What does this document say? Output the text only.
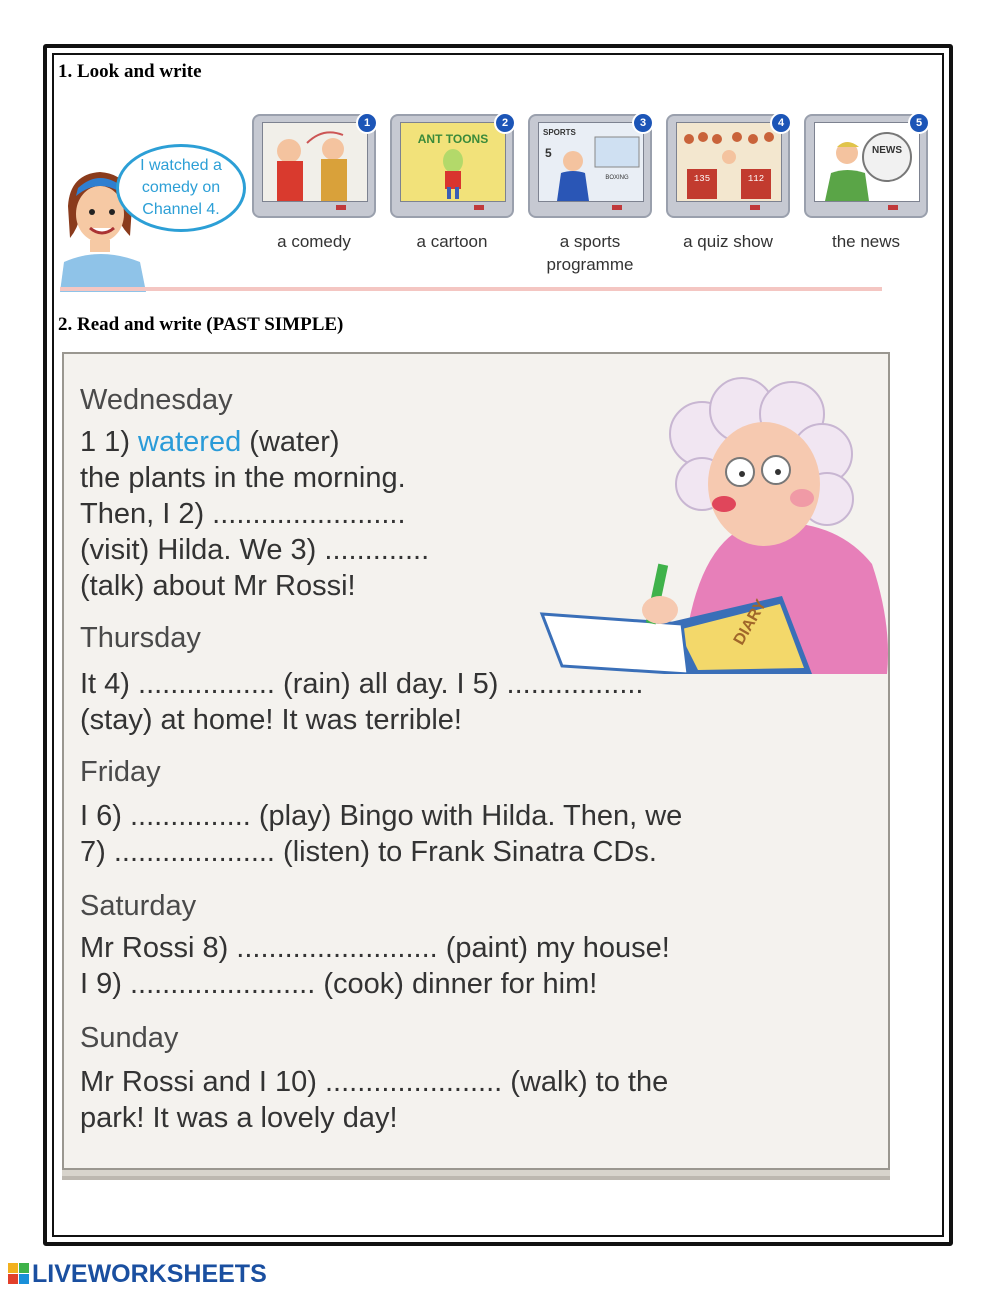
1. Look and write
I watched a comedy on Channel 4.
1
ANT TOONS
2
SPORTS
5
BOXING
3
135	112
4
NEWS
5
a comedy	a cartoon	a sports programme
a quiz show	the news
2. Read and write (PAST SIMPLE)
DIARY
Wednesday
1 1) watered (water)
the plants in the morning.
Then, I 2) ........................
(visit) Hilda. We 3) .............
(talk) about Mr Rossi!
Thursday
It 4) ................. (rain) all day. I 5) .................
(stay) at home! It was terrible!
Friday
I 6) ............... (play) Bingo with Hilda. Then, we
7) .................... (listen) to Frank Sinatra CDs.
Saturday
Mr Rossi 8) ......................... (paint) my house!
I 9) ....................... (cook) dinner for him!
Sunday
Mr Rossi and I 10) ...................... (walk) to the
park! It was a lovely day!
LIVEWORKSHEETS
